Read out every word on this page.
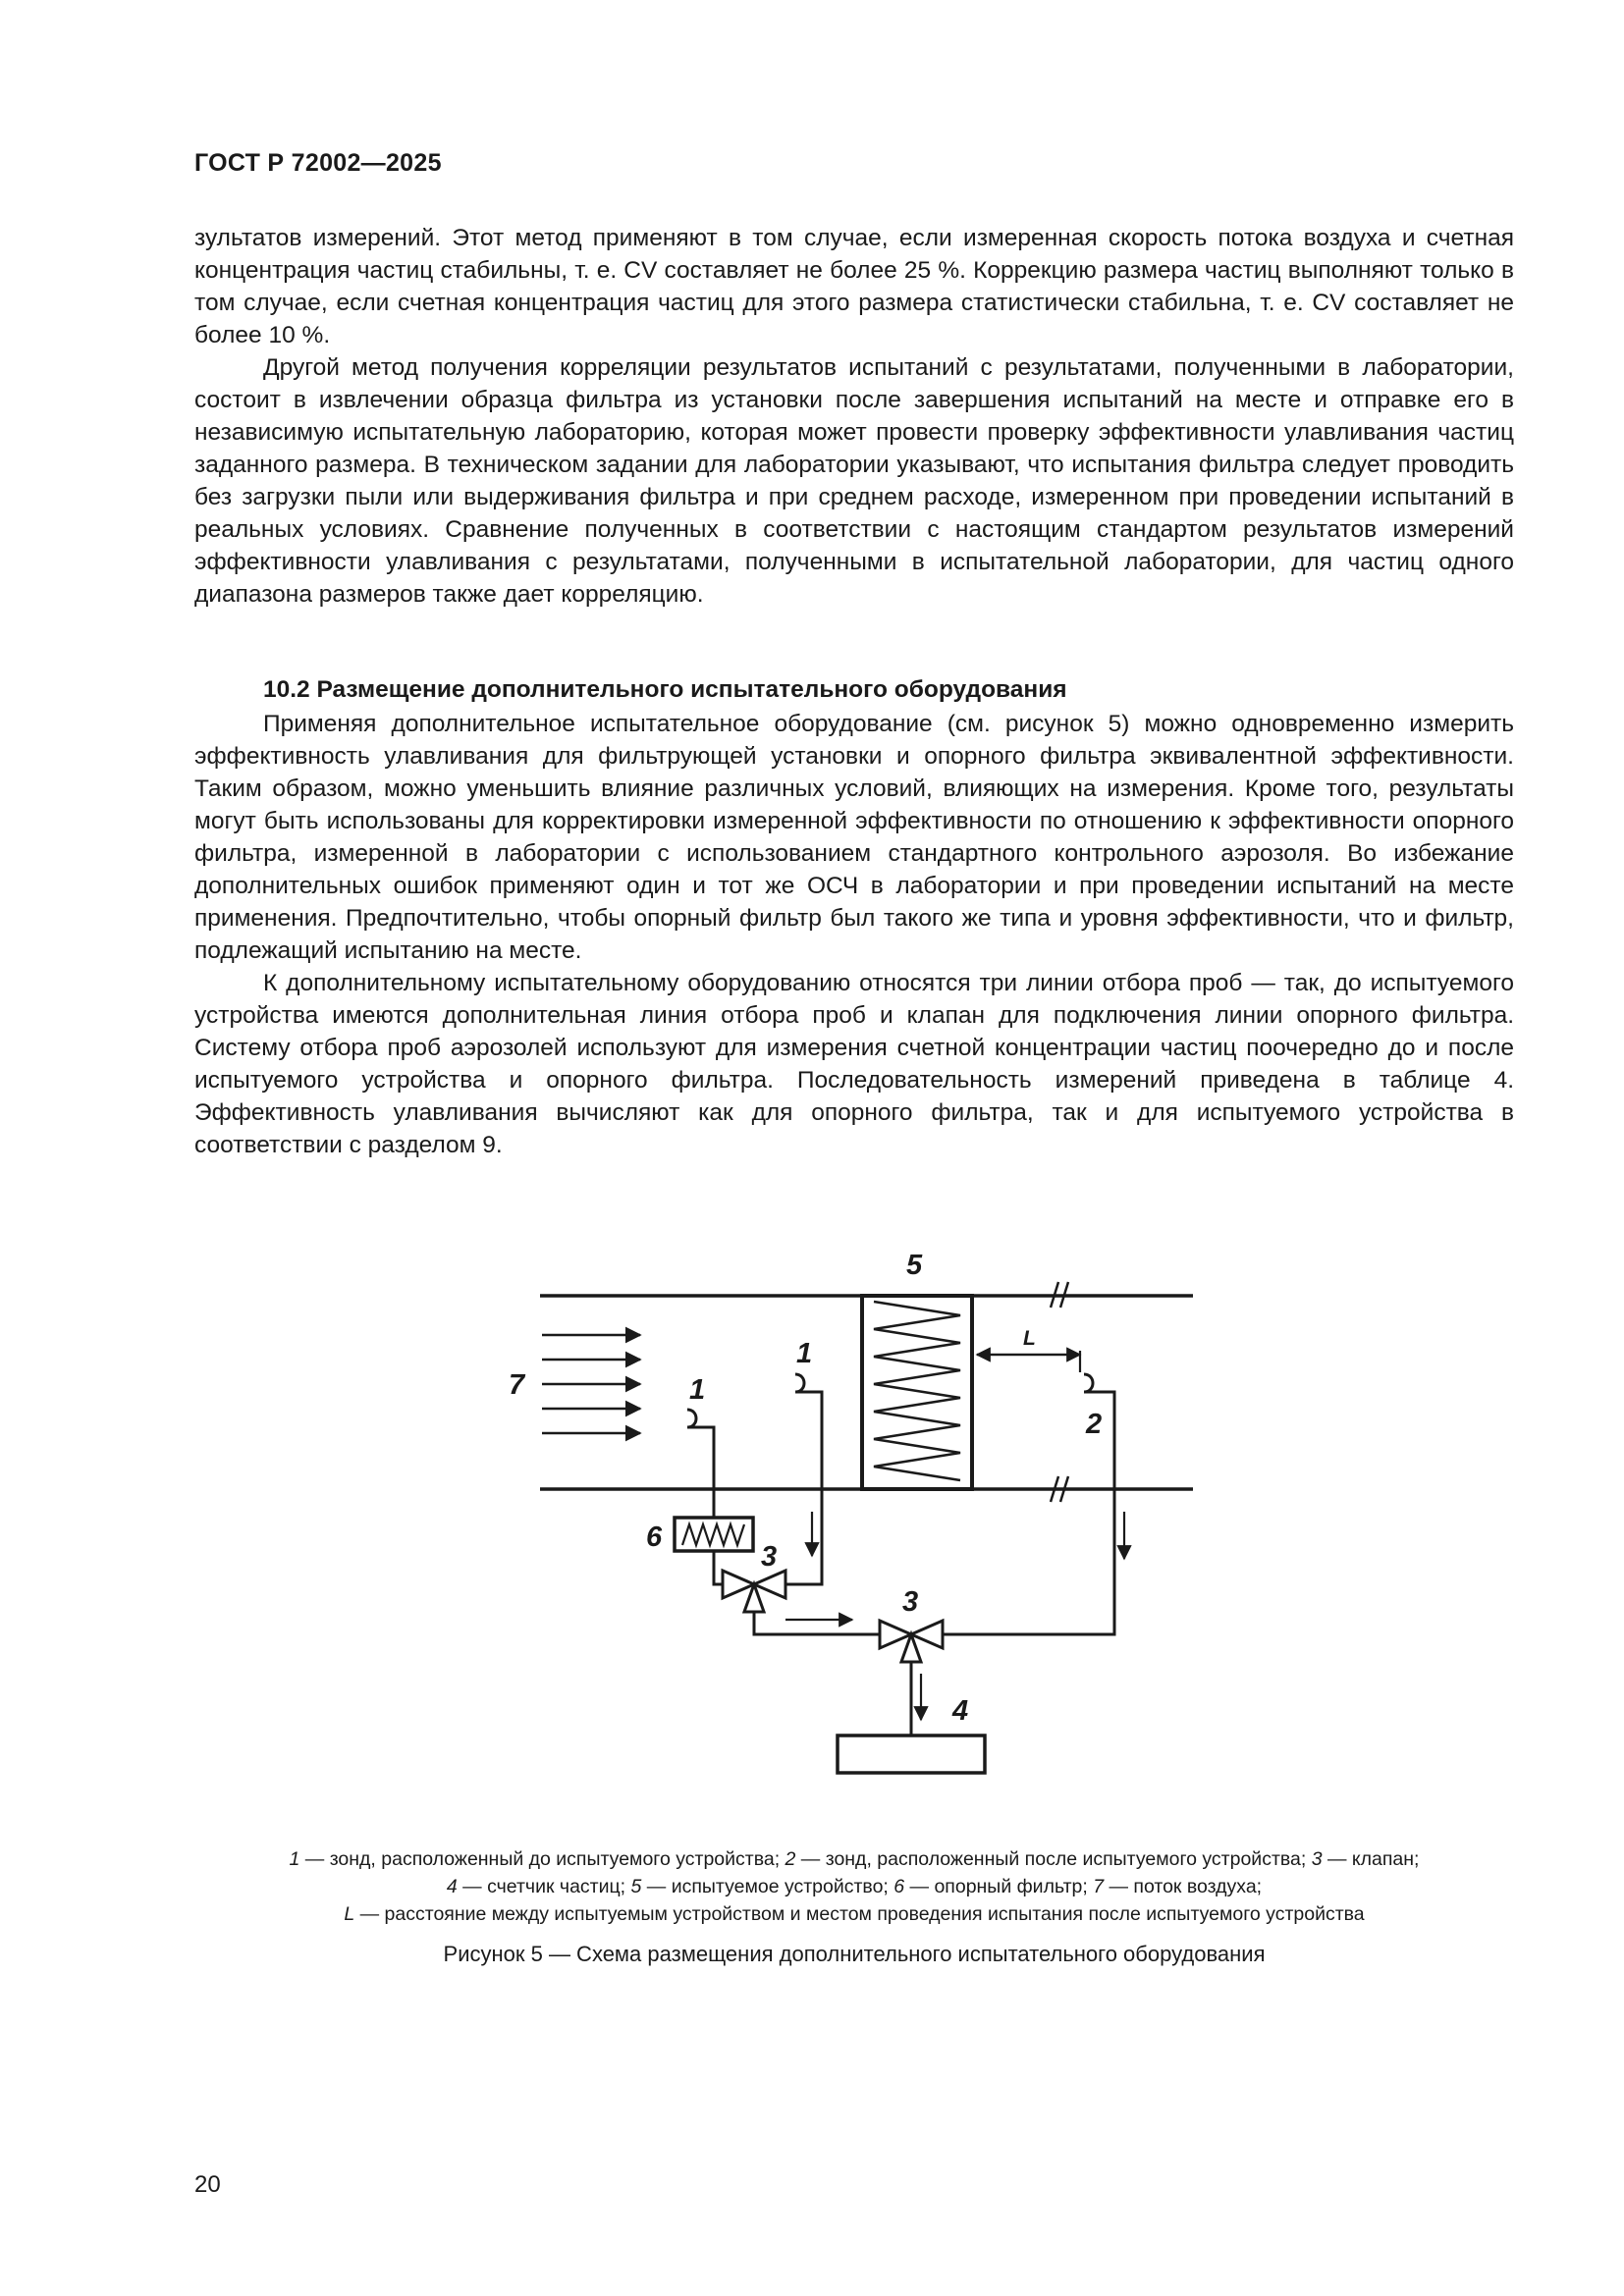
ГОСТ Р 72002—2025

зультатов измерений. Этот метод применяют в том случае, если измеренная скорость потока воздуха и счетная концентрация частиц стабильны, т. е. CV составляет не более 25 %. Коррекцию размера частиц выполняют только в том случае, если счетная концентрация частиц для этого размера статистически стабильна, т. е. CV составляет не более 10 %.

Другой метод получения корреляции результатов испытаний с результатами, полученными в лаборатории, состоит в извлечении образца фильтра из установки после завершения испытаний на месте и отправке его в независимую испытательную лабораторию, которая может провести проверку эффективности улавливания частиц заданного размера. В техническом задании для лаборатории указывают, что испытания фильтра следует проводить без загрузки пыли или выдерживания фильтра и при среднем расходе, измеренном при проведении испытаний в реальных условиях. Сравнение полученных в соответствии с настоящим стандартом результатов измерений эффективности улавливания с результатами, полученными в испытательной лаборатории, для частиц одного диапазона размеров также дает корреляцию.

10.2 Размещение дополнительного испытательного оборудования

Применяя дополнительное испытательное оборудование (см. рисунок 5) можно одновременно измерить эффективность улавливания для фильтрующей установки и опорного фильтра эквивалентной эффективности. Таким образом, можно уменьшить влияние различных условий, влияющих на измерения. Кроме того, результаты могут быть использованы для корректировки измеренной эффективности по отношению к эффективности опорного фильтра, измеренной в лаборатории с использованием стандартного контрольного аэрозоля. Во избежание дополнительных ошибок применяют один и тот же ОСЧ в лаборатории и при проведении испытаний на месте применения. Предпочтительно, чтобы опорный фильтр был такого же типа и уровня эффективности, что и фильтр, подлежащий испытанию на месте.

К дополнительному испытательному оборудованию относятся три линии отбора проб — так, до испытуемого устройства имеются дополнительная линия отбора проб и клапан для подключения линии опорного фильтра. Систему отбора проб аэрозолей используют для измерения счетной концентрации частиц поочередно до и после испытуемого устройства и опорного фильтра. Последовательность измерений приведена в таблице 4. Эффективность улавливания вычисляют как для опорного фильтра, так и для испытуемого устройства в соответствии с разделом 9.

5
1
1
2
7
6
3
3
4
L
1 — зонд, расположенный до испытуемого устройства; 2 — зонд, расположенный после испытуемого устройства; 3 — клапан;
4 — счетчик частиц; 5 — испытуемое устройство; 6 — опорный фильтр; 7 — поток воздуха;
L — расстояние между испытуемым устройством и местом проведения испытания после испытуемого устройства
Рисунок 5 — Схема размещения дополнительного испытательного оборудования
20
